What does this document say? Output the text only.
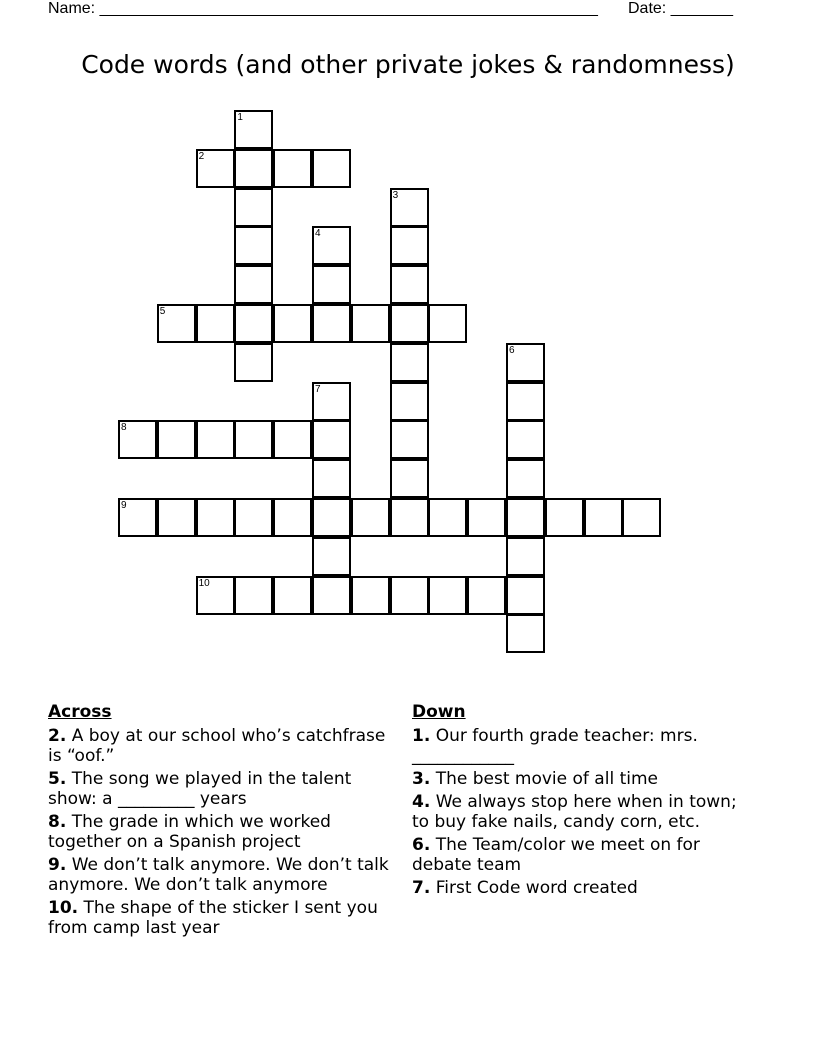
Name: ________________________________________________________ Date: _______
Code words (and other private jokes & randomness)
1
2
3
4
5
6
7
8
9
10
Across
2. A boy at our school who’s catchfrase is “oof.”
5. The song we played in the talent show: a _________ years
8. The grade in which we worked together on a Spanish project
9. We don’t talk anymore. We don’t talk anymore. We don’t talk anymore
10. The shape of the sticker I sent you from camp last year
Down
1. Our fourth grade teacher: mrs. ____________
3. The best movie of all time
4. We always stop here when in town; to buy fake nails, candy corn, etc.
6. The Team/color we meet on for debate team
7. First Code word created
